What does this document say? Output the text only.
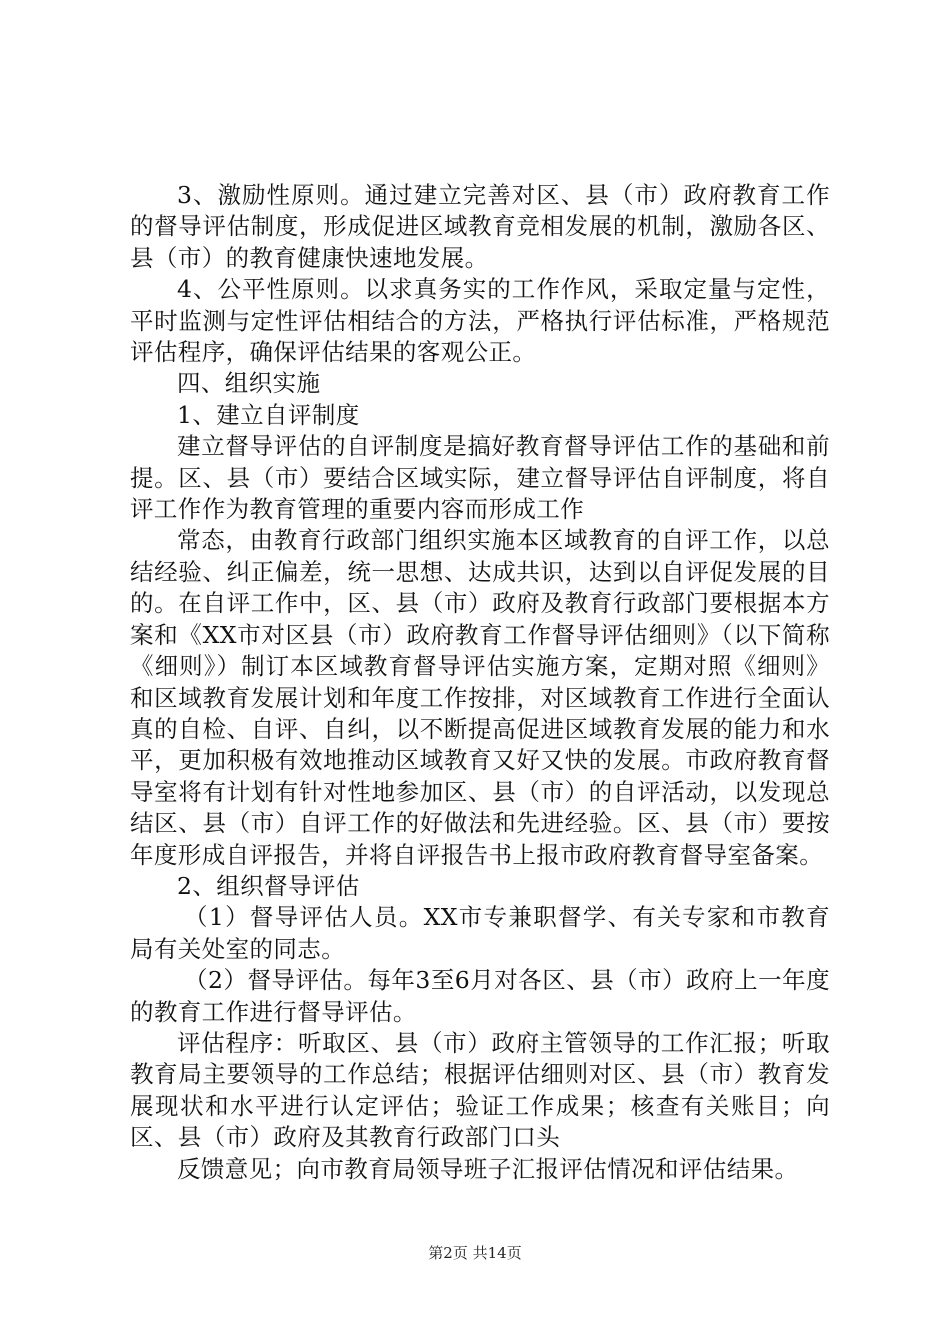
3、激励性原则。通过建立完善对区、县（市）政府教育工作的督导评估制度，形成促进区域教育竞相发展的机制，激励各区、县（市）的教育健康快速地发展。

4、公平性原则。以求真务实的工作作风，采取定量与定性，平时监测与定性评估相结合的方法，严格执行评估标准，严格规范评估程序，确保评估结果的客观公正。

四、组织实施

1、建立自评制度

建立督导评估的自评制度是搞好教育督导评估工作的基础和前提。区、县（市）要结合区域实际，建立督导评估自评制度，将自评工作作为教育管理的重要内容而形成工作

常态，由教育行政部门组织实施本区域教育的自评工作，以总结经验、纠正偏差，统一思想、达成共识，达到以自评促发展的目的。在自评工作中，区、县（市）政府及教育行政部门要根据本方案和《XX市对区县（市）政府教育工作督导评估细则》（以下简称《细则》）制订本区域教育督导评估实施方案，定期对照《细则》和区域教育发展计划和年度工作按排，对区域教育工作进行全面认真的自检、自评、自纠，以不断提高促进区域教育发展的能力和水平，更加积极有效地推动区域教育又好又快的发展。市政府教育督导室将有计划有针对性地参加区、县（市）的自评活动，以发现总结区、县（市）自评工作的好做法和先进经验。区、县（市）要按年度形成自评报告，并将自评报告书上报市政府教育督导室备案。

2、组织督导评估

（1）督导评估人员。XX市专兼职督学、有关专家和市教育局有关处室的同志。

（2）督导评估。每年3至6月对各区、县（市）政府上一年度的教育工作进行督导评估。

评估程序：听取区、县（市）政府主管领导的工作汇报；听取教育局主要领导的工作总结；根据评估细则对区、县（市）教育发展现状和水平进行认定评估；验证工作成果；核查有关账目；向区、县（市）政府及其教育行政部门口头

反馈意见；向市教育局领导班子汇报评估情况和评估结果。

第2页 共14页
